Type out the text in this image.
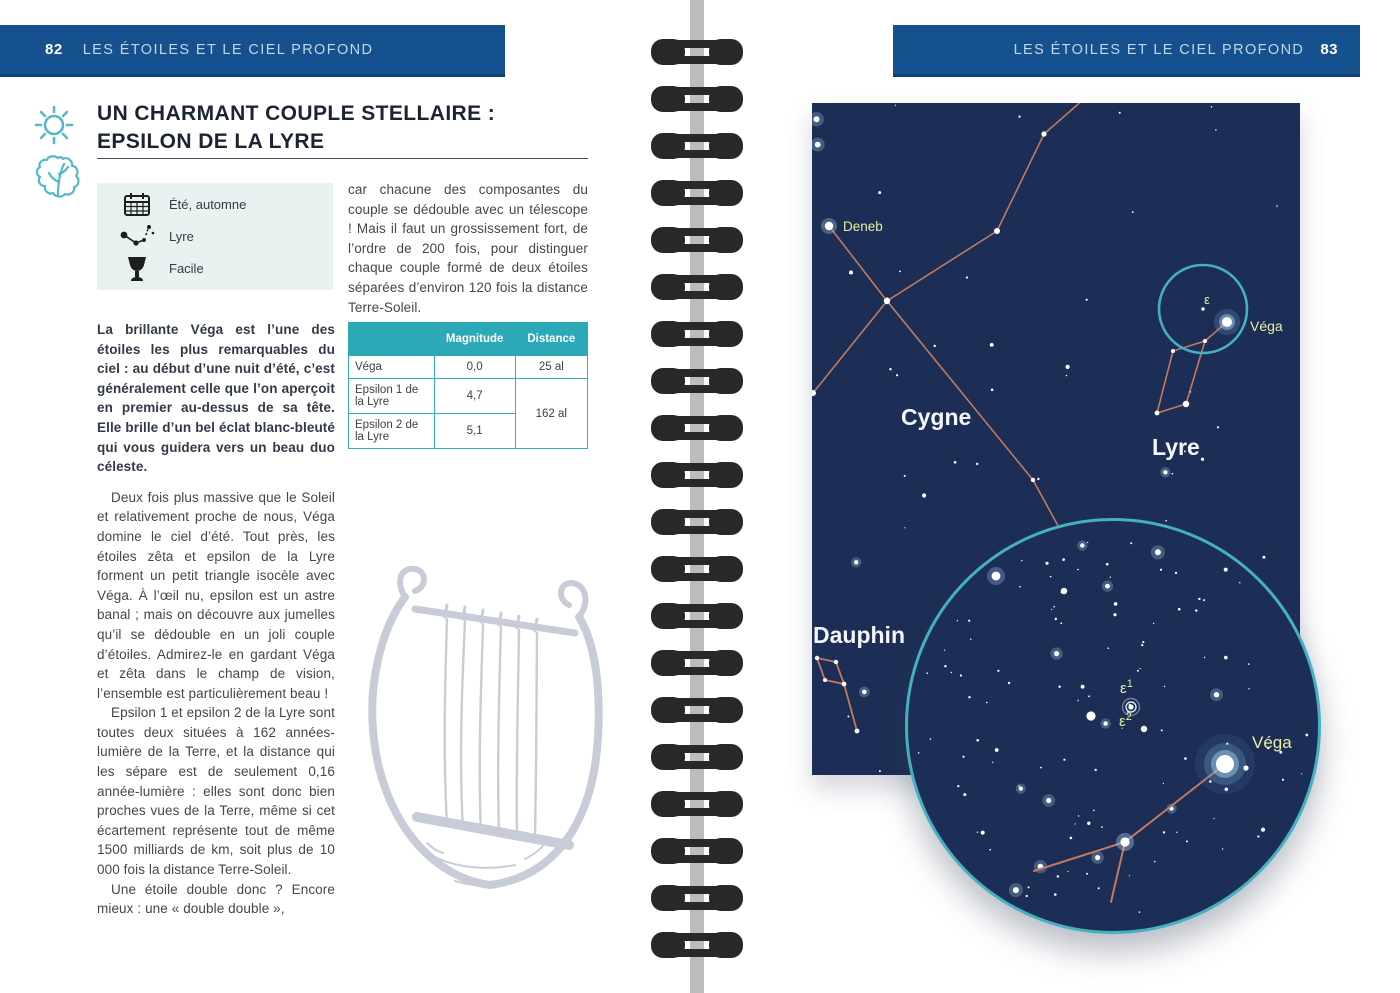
82 LES ÉTOILES ET LE CIEL PROFOND	LES ÉTOILES ET LE CIEL PROFOND 83
UN CHARMANT COUPLE STELLAIRE :
EPSILON DE LA LYRE
Été, automne
Lyre
Facile

La brillante Véga est l’une des étoiles les plus remarquables du ciel : au début d’une nuit d’été, c’est généralement celle que l’on aperçoit en premier au-dessus de sa tête. Elle brille d’un bel éclat blanc-bleuté qui vous guidera vers un beau duo céleste.

Deux fois plus massive que le Soleil et relativement proche de nous, Véga domine le ciel d’été. Tout près, les étoiles zêta et epsilon de la Lyre forment un petit triangle isocèle avec Véga. À l’œil nu, epsilon est un astre banal ; mais on découvre aux jumelles qu’il se dédouble en un joli couple d’étoiles. Admirez-le en gardant Véga et zêta dans le champ de vision, l’ensemble est particulièrement beau !

Epsilon 1 et epsilon 2 de la Lyre sont toutes deux situées à 162 années-lumière de la Terre, et la distance qui les sépare est de seulement 0,16 année-lumière : elles sont donc bien proches vues de la Terre, même si cet écartement représente tout de même 1500 milliards de km, soit plus de 10 000 fois la distance Terre-Soleil.

Une étoile double donc ? Encore mieux : une « double double »,

car chacune des composantes du couple se dédouble avec un télescope ! Mais il faut un grossissement fort, de l’ordre de 200 fois, pour distinguer chaque couple formé de deux étoiles séparées d’environ 120 fois la distance Terre-Soleil.

	Magnitude	Distance
Véga	0,0	25 al
Epsilon 1 de la Lyre	4,7	162 al
Epsilon 2 de la Lyre	5,1	
Deneb
ε
Véga
Cygne
Lyre
Dauphin
$\varepsilon^1$
$\varepsilon^2$
Véga
